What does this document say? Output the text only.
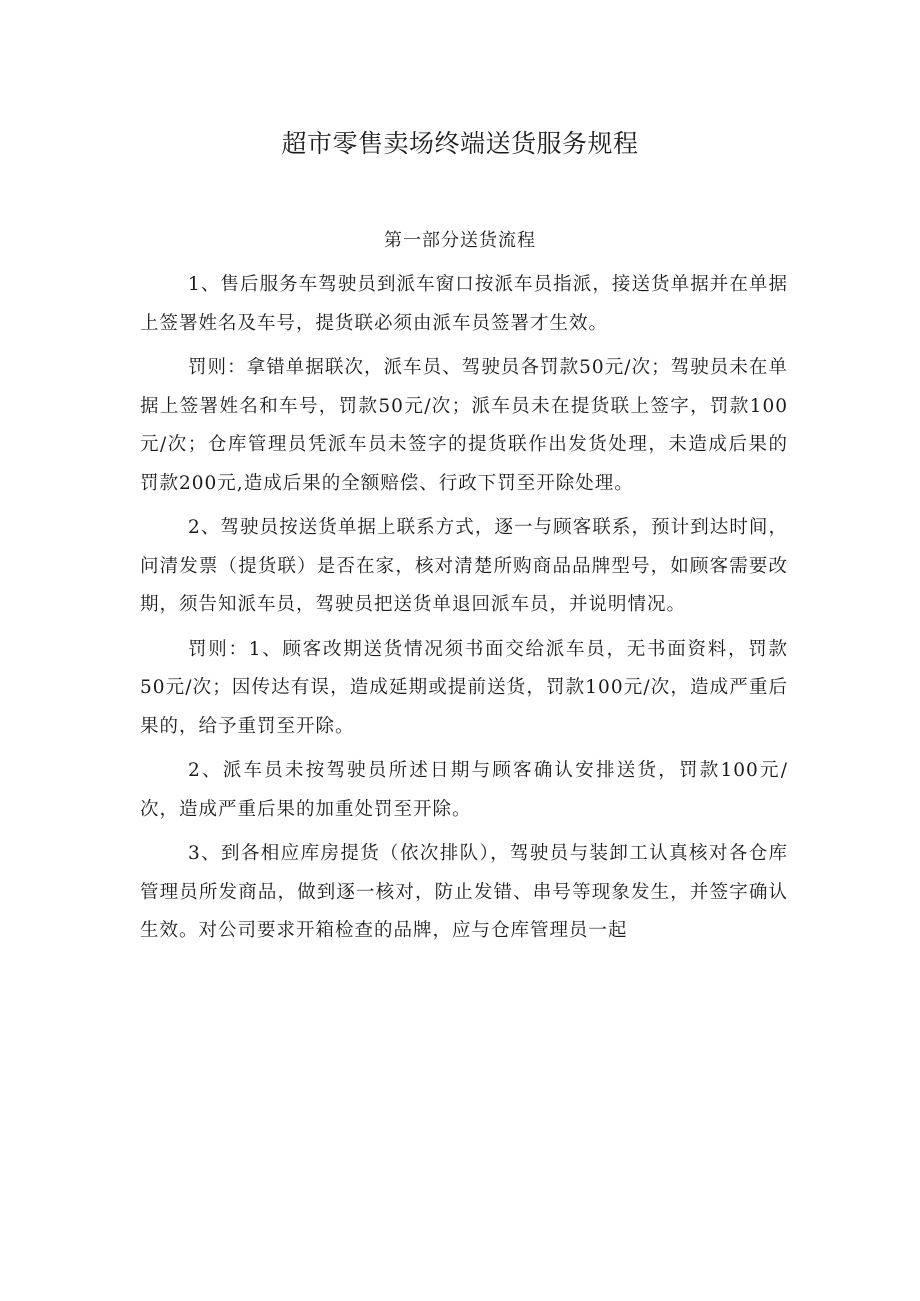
超市零售卖场终端送货服务规程
第一部分送货流程

1、售后服务车驾驶员到派车窗口按派车员指派，接送货单据并在单据上签署姓名及车号，提货联必须由派车员签署才生效。

罚则：拿错单据联次，派车员、驾驶员各罚款50元/次；驾驶员未在单据上签署姓名和车号，罚款50元/次；派车员未在提货联上签字，罚款100元/次；仓库管理员凭派车员未签字的提货联作出发货处理，未造成后果的罚款200元,造成后果的全额赔偿、行政下罚至开除处理。

2、驾驶员按送货单据上联系方式，逐一与顾客联系，预计到达时间，问清发票（提货联）是否在家，核对清楚所购商品品牌型号，如顾客需要改期，须告知派车员，驾驶员把送货单退回派车员，并说明情况。

罚则：1、顾客改期送货情况须书面交给派车员，无书面资料，罚款50元/次；因传达有误，造成延期或提前送货，罚款100元/次，造成严重后果的，给予重罚至开除。

2、派车员未按驾驶员所述日期与顾客确认安排送货，罚款100元/次，造成严重后果的加重处罚至开除。

3、到各相应库房提货（依次排队），驾驶员与装卸工认真核对各仓库管理员所发商品，做到逐一核对，防止发错、串号等现象发生，并签字确认生效。对公司要求开箱检查的品牌，应与仓库管理员一起
